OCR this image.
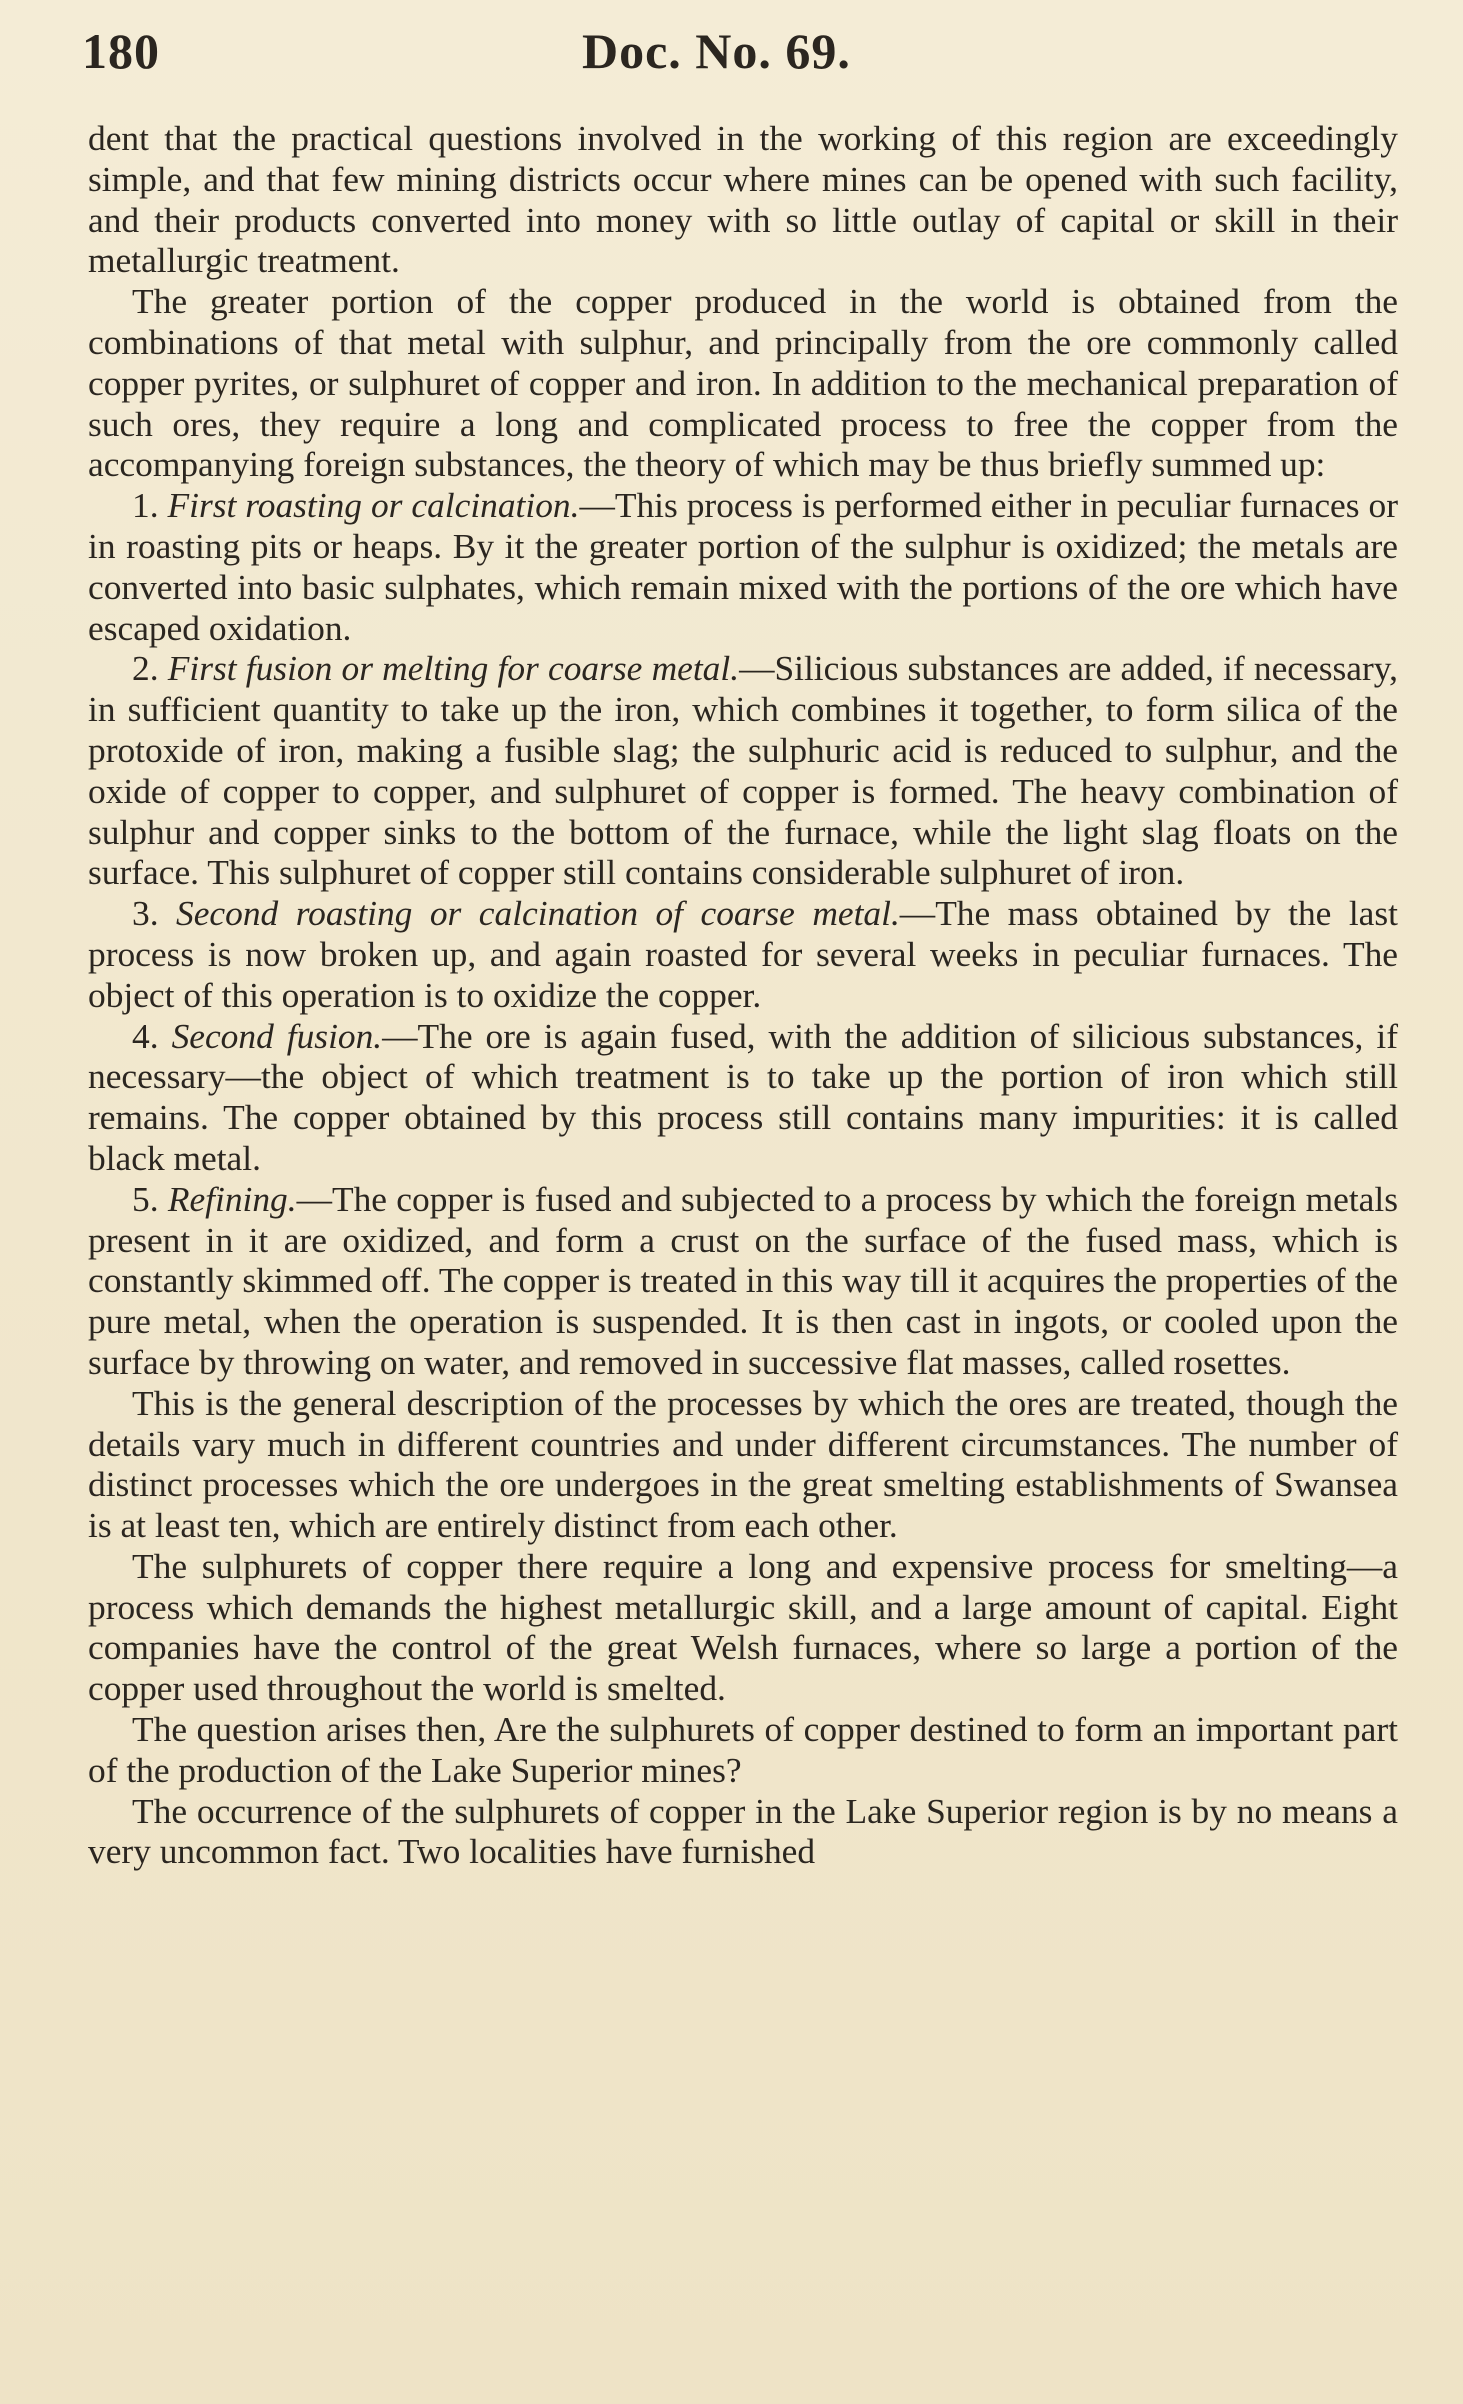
180	Doc. No. 69.

dent that the practical questions involved in the working of this region are exceedingly simple, and that few mining districts occur where mines can be opened with such facility, and their products converted into money with so little outlay of capital or skill in their metallurgic treatment.

The greater portion of the copper produced in the world is obtained from the combinations of that metal with sulphur, and principally from the ore commonly called copper pyrites, or sulphuret of copper and iron. In addition to the mechanical preparation of such ores, they require a long and complicated process to free the copper from the accompanying foreign substances, the theory of which may be thus briefly summed up:

1. First roasting or calcination.—This process is performed either in peculiar furnaces or in roasting pits or heaps. By it the greater portion of the sulphur is oxidized; the metals are converted into basic sulphates, which remain mixed with the portions of the ore which have escaped oxidation.

2. First fusion or melting for coarse metal.—Silicious substances are added, if necessary, in sufficient quantity to take up the iron, which combines it together, to form silica of the protoxide of iron, making a fusible slag; the sulphuric acid is reduced to sulphur, and the oxide of copper to copper, and sulphuret of copper is formed. The heavy combination of sulphur and copper sinks to the bottom of the furnace, while the light slag floats on the surface. This sulphuret of copper still contains considerable sulphuret of iron.

3. Second roasting or calcination of coarse metal.—The mass obtained by the last process is now broken up, and again roasted for several weeks in peculiar furnaces. The object of this operation is to oxidize the copper.

4. Second fusion.—The ore is again fused, with the addition of silicious substances, if necessary—the object of which treatment is to take up the portion of iron which still remains. The copper obtained by this process still contains many impurities: it is called black metal.

5. Refining.—The copper is fused and subjected to a process by which the foreign metals present in it are oxidized, and form a crust on the surface of the fused mass, which is constantly skimmed off. The copper is treated in this way till it acquires the properties of the pure metal, when the operation is suspended. It is then cast in ingots, or cooled upon the surface by throwing on water, and removed in successive flat masses, called rosettes.

This is the general description of the processes by which the ores are treated, though the details vary much in different countries and under different circumstances. The number of distinct processes which the ore undergoes in the great smelting establishments of Swansea is at least ten, which are entirely distinct from each other.

The sulphurets of copper there require a long and expensive process for smelting—a process which demands the highest metallurgic skill, and a large amount of capital. Eight companies have the control of the great Welsh furnaces, where so large a portion of the copper used throughout the world is smelted.

The question arises then, Are the sulphurets of copper destined to form an important part of the production of the Lake Superior mines?

The occurrence of the sulphurets of copper in the Lake Superior region is by no means a very uncommon fact. Two localities have furnished
